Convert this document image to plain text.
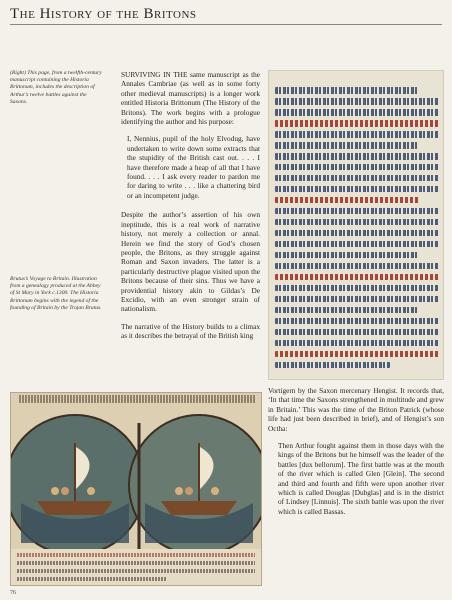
The History of the Britons
(Right) This page, from a twelfth-century manuscript containing the Historia Brittonum, includes the description of Arthur’s twelve battles against the Saxons.
Brutus’s Voyage to Britain. Illustration from a genealogy produced at the Abbey of St Mary in York c.1300. The Historia Brittonum begins with the legend of the founding of Britain by the Trojan Brutus.

SURVIVING IN THE same manuscript as the Annales Cambriae (as well as in some forty other medieval manuscripts) is a longer work entitled Historia Brittonum (The History of the Britons). The work begins with a prologue identifying the author and his purpose:

I, Nennius, pupil of the holy Elvodug, have undertaken to write down some extracts that the stupidity of the British cast out. . . . I have therefore made a heap of all that I have found. . . . I ask every reader to pardon me for daring to write . . . like a chattering bird or an incompetent judge.

Despite the author’s assertion of his own ineptitude, this is a real work of narrative history, not merely a collection or annal. Herein we find the story of God’s chosen people, the Britons, as they struggle against Roman and Saxon invaders. The latter is a particularly destructive plague visited upon the Britons because of their sins. Thus we have a providential history akin to Gildas’s De Excidio, with an even stronger strain of nationalism.

The narrative of the History builds to a climax as it describes the betrayal of the British king

Vortigern by the Saxon mercenary Hengist. It records that, ‘In that time the Saxons strengthened in multitude and grew in Britain.’ This was the time of the Briton Patrick (whose life had just been described in brief), and of Hengist’s son Octha:

Then Arthur fought against them in those days with the kings of the Britons but he himself was the leader of the battles [dux bellorum]. The first battle was at the mouth of the river which is called Glen [Glein]. The second and third and fourth and fifth were upon another river which is called Douglas [Dubglas] and is in the district of Lindsey [Linnuis]. The sixth battle was upon the river which is called Bassas.

76
